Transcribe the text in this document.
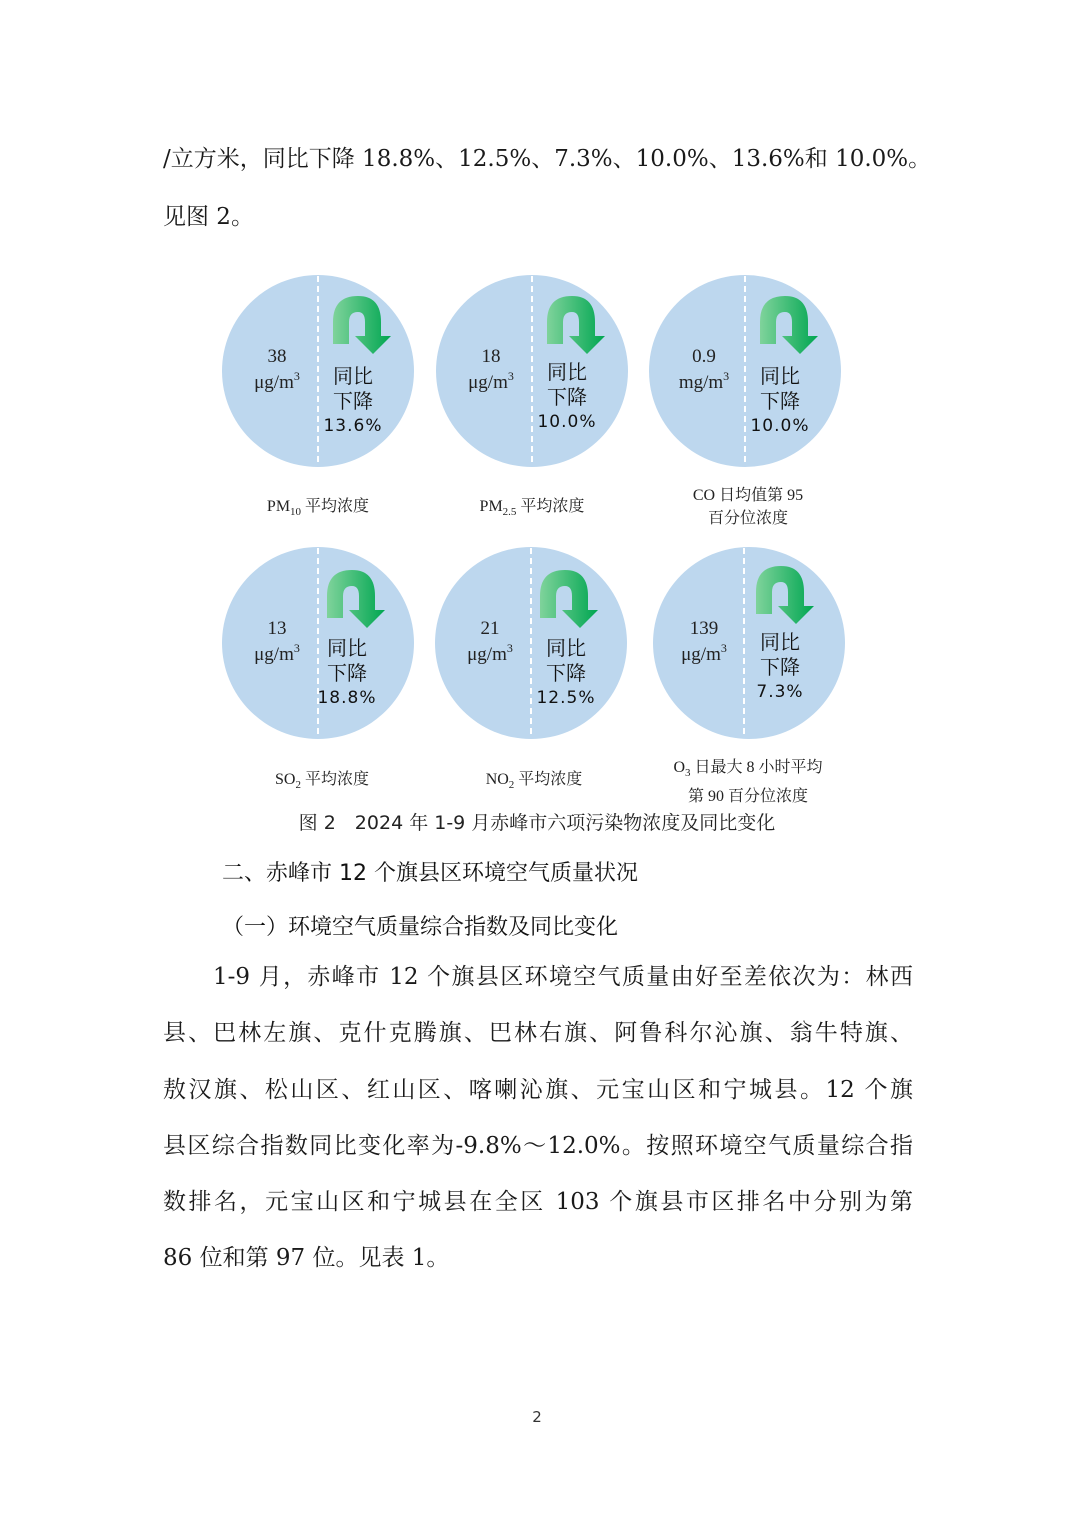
/立方米，同比下降 18.8%、12.5%、7.3%、10.0%、13.6%和 10.0%。
见图 2。
38
$\mu g/m^3$	同比
下降
13.6%
$PM_{10}$ 平均浓度
18
$\mu g/m^3$	同比
下降
10.0%
$PM_{2.5}$ 平均浓度
0.9
$mg/m^3$	同比
下降
10.0%
CO 日均值第 95
百分位浓度
13
$\mu g/m^3$	同比
下降
18.8%
$SO_2$ 平均浓度
21
$\mu g/m^3$	同比
下降
12.5%
$NO_2$ 平均浓度
139
$\mu g/m^3$	同比
下降
7.3%
$O_3$ 日最大 8 小时平均
第 90 百分位浓度
图 2　2024 年 1-9 月赤峰市六项污染物浓度及同比变化
二、赤峰市 12 个旗县区环境空气质量状况
（一）环境空气质量综合指数及同比变化
1-9 月，赤峰市 12 个旗县区环境空气质量由好至差依次为：林西
县、巴林左旗、克什克腾旗、巴林右旗、阿鲁科尔沁旗、翁牛特旗、
敖汉旗、松山区、红山区、喀喇沁旗、元宝山区和宁城县。12 个旗
县区综合指数同比变化率为-9.8%～12.0%。按照环境空气质量综合指
数排名，元宝山区和宁城县在全区 103 个旗县市区排名中分别为第
86 位和第 97 位。见表 1。
2
